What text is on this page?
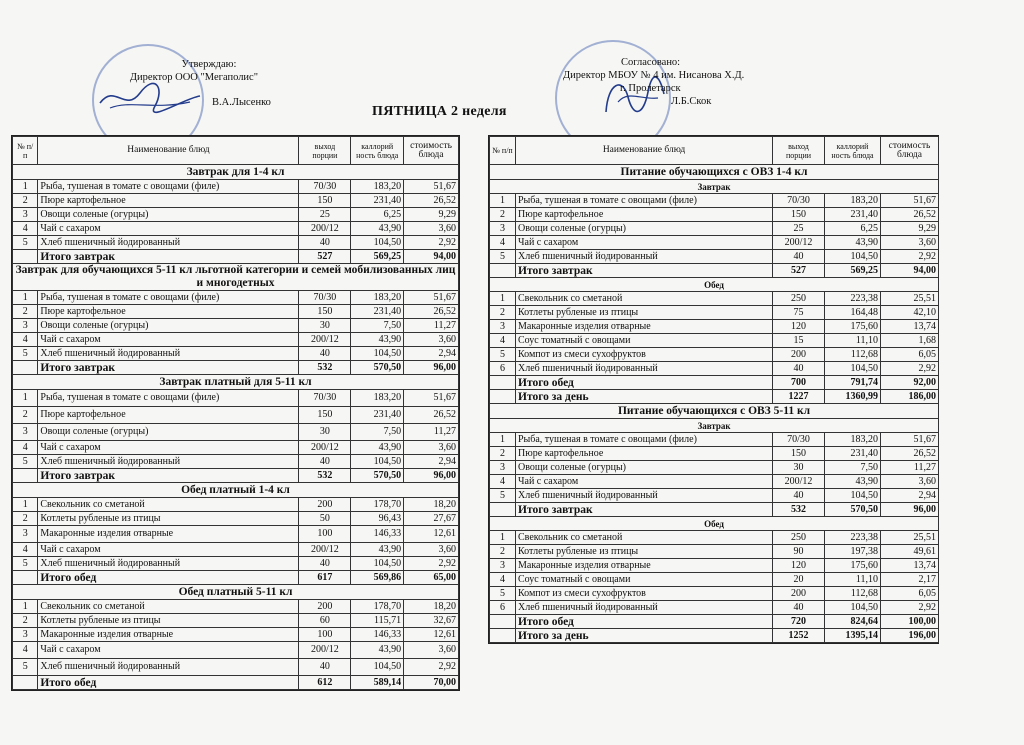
Утверждаю:
Директор ООО "Мегаполис"
В.А.Лысенко
Согласовано:
Директор МБОУ № 4 им. Нисанова Х.Д.
г. Пролетарск
Л.Б.Скок
ПЯТНИЦА 2 неделя
№ п/п	Наименование блюд	выход порции	каллорий ность блюда	стоимость блюда
Завтрак для 1-4 кл				
1	Рыба, тушеная в томате с овощами (филе)	70/30	183,20	51,67
2	Пюре картофельное	150	231,40	26,52
3	Овощи соленые (огурцы)	25	6,25	9,29
4	Чай с сахаром	200/12	43,90	3,60
5	Хлеб пшеничный йодированный	40	104,50	2,92
	Итого завтрак	527	569,25	94,00
Завтрак для обучающихся 5-11 кл льготной категории и семей мобилизованных лиц и многодетных				
1	Рыба, тушеная в томате с овощами (филе)	70/30	183,20	51,67
2	Пюре картофельное	150	231,40	26,52
3	Овощи соленые (огурцы)	30	7,50	11,27
4	Чай с сахаром	200/12	43,90	3,60
5	Хлеб пшеничный йодированный	40	104,50	2,94
	Итого завтрак	532	570,50	96,00
Завтрак платный для 5-11 кл				
1	Рыба, тушеная в томате с овощами (филе)	70/30	183,20	51,67
2	Пюре картофельное	150	231,40	26,52
3	Овощи соленые (огурцы)	30	7,50	11,27
4	Чай с сахаром	200/12	43,90	3,60
5	Хлеб пшеничный йодированный	40	104,50	2,94
	Итого завтрак	532	570,50	96,00
Обед платный 1-4 кл				
1	Свекольник со сметаной	200	178,70	18,20
2	Котлеты рубленые из птицы	50	96,43	27,67
3	Макаронные изделия отварные	100	146,33	12,61
4	Чай с сахаром	200/12	43,90	3,60
5	Хлеб пшеничный йодированный	40	104,50	2,92
	Итого обед	617	569,86	65,00
Обед платный 5-11 кл				
1	Свекольник со сметаной	200	178,70	18,20
2	Котлеты рубленые из птицы	60	115,71	32,67
3	Макаронные изделия отварные	100	146,33	12,61
4	Чай с сахаром	200/12	43,90	3,60
5	Хлеб пшеничный йодированный	40	104,50	2,92
	Итого обед	612	589,14	70,00
№ п/п	Наименование блюд	выход порции	каллорий ность блюда	стоимость блюда
Питание обучающихся с ОВЗ 1-4 кл				
Завтрак				
1	Рыба, тушеная в томате с овощами (филе)	70/30	183,20	51,67
2	Пюре картофельное	150	231,40	26,52
3	Овощи соленые (огурцы)	25	6,25	9,29
4	Чай с сахаром	200/12	43,90	3,60
5	Хлеб пшеничный йодированный	40	104,50	2,92
	Итого завтрак	527	569,25	94,00
Обед				
1	Свекольник со сметаной	250	223,38	25,51
2	Котлеты рубленые из птицы	75	164,48	42,10
3	Макаронные изделия отварные	120	175,60	13,74
4	Соус томатный с овощами	15	11,10	1,68
5	Компот из смеси сухофруктов	200	112,68	6,05
6	Хлеб пшеничный йодированный	40	104,50	2,92
	Итого обед	700	791,74	92,00
	Итого за день	1227	1360,99	186,00
Питание обучающихся с ОВЗ 5-11 кл				
Завтрак				
1	Рыба, тушеная в томате с овощами (филе)	70/30	183,20	51,67
2	Пюре картофельное	150	231,40	26,52
3	Овощи соленые (огурцы)	30	7,50	11,27
4	Чай с сахаром	200/12	43,90	3,60
5	Хлеб пшеничный йодированный	40	104,50	2,94
	Итого завтрак	532	570,50	96,00
Обед				
1	Свекольник со сметаной	250	223,38	25,51
2	Котлеты рубленые из птицы	90	197,38	49,61
3	Макаронные изделия отварные	120	175,60	13,74
4	Соус томатный с овощами	20	11,10	2,17
5	Компот из смеси сухофруктов	200	112,68	6,05
6	Хлеб пшеничный йодированный	40	104,50	2,92
	Итого обед	720	824,64	100,00
	Итого за день	1252	1395,14	196,00
